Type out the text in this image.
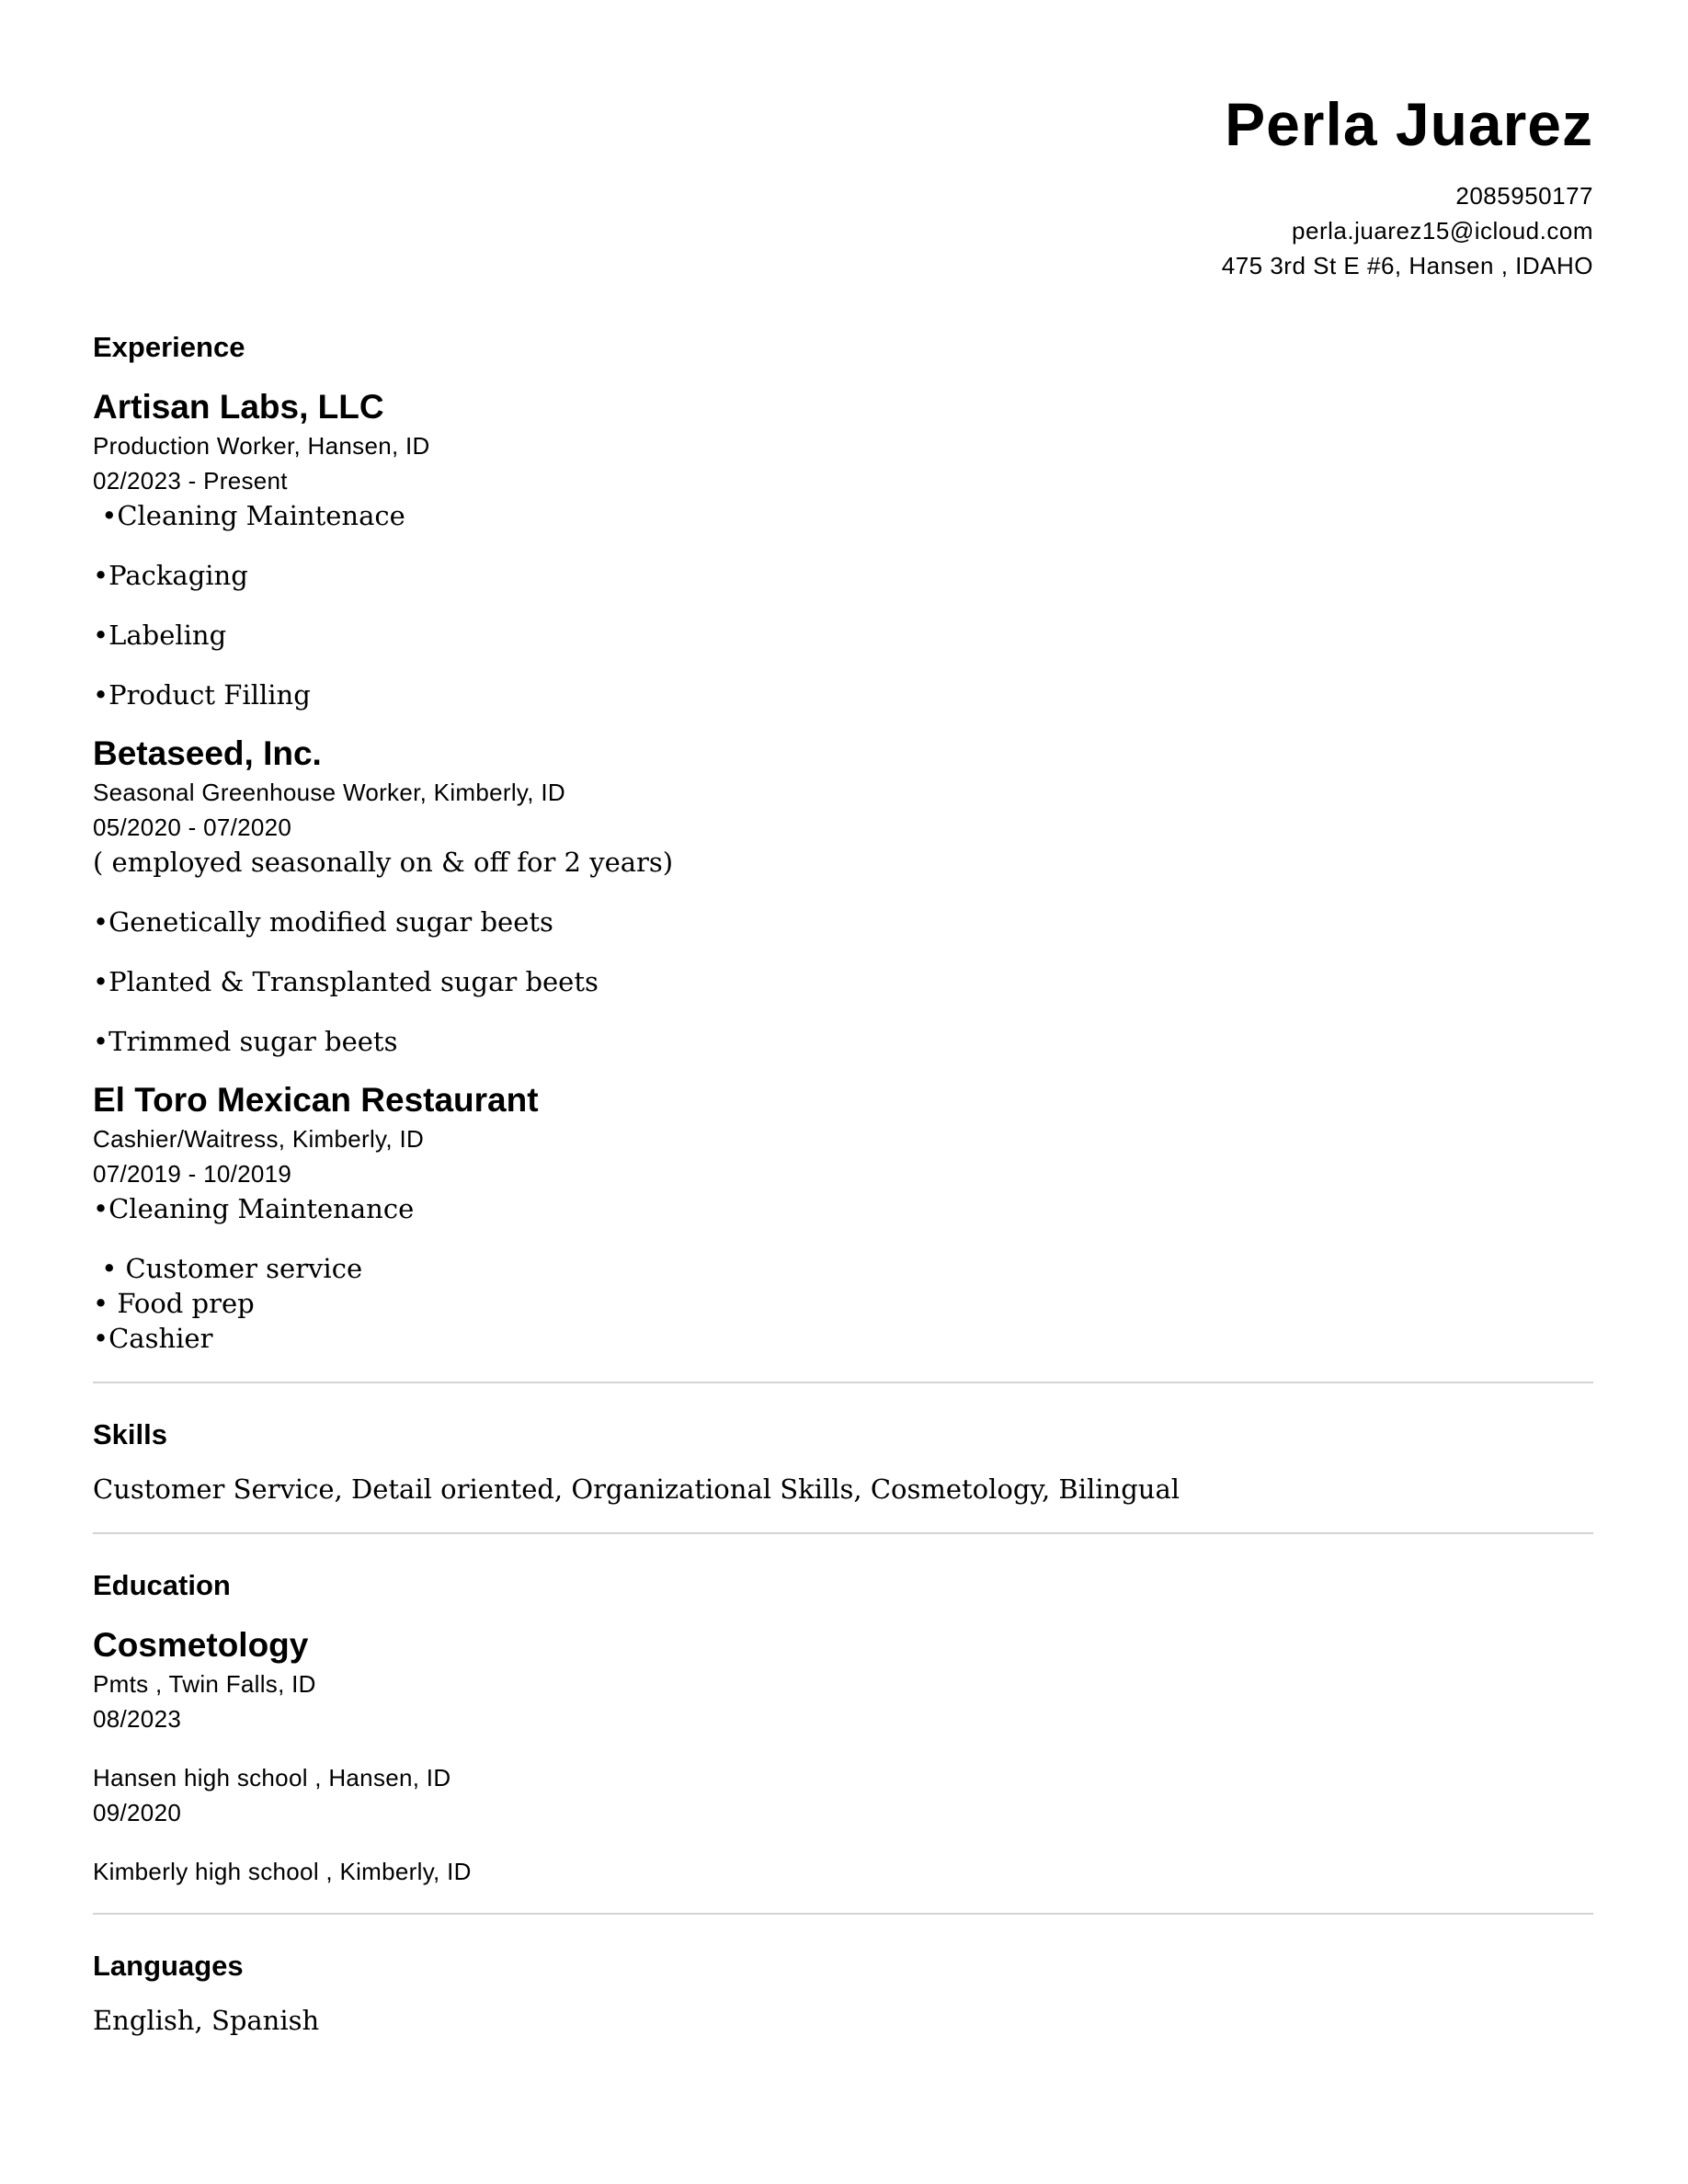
Perla Juarez
2085950177
perla.juarez15@icloud.com
475 3rd St E #6, Hansen , IDAHO
Experience
Artisan Labs, LLC
Production Worker, Hansen, ID
02/2023 - Present
•Cleaning Maintenace
•Packaging
•Labeling
•Product Filling
Betaseed, Inc.
Seasonal Greenhouse Worker, Kimberly, ID
05/2020 - 07/2020
( employed seasonally on & off for 2 years)
•Genetically modified sugar beets
•Planted & Transplanted sugar beets
•Trimmed sugar beets
El Toro Mexican Restaurant
Cashier/Waitress, Kimberly, ID
07/2019 - 10/2019
•Cleaning Maintenance
• Customer service
• Food prep
•Cashier
Skills
Customer Service, Detail oriented, Organizational Skills, Cosmetology, Bilingual
Education
Cosmetology
Pmts , Twin Falls, ID
08/2023
Hansen high school , Hansen, ID
09/2020
Kimberly high school , Kimberly, ID
Languages
English, Spanish
